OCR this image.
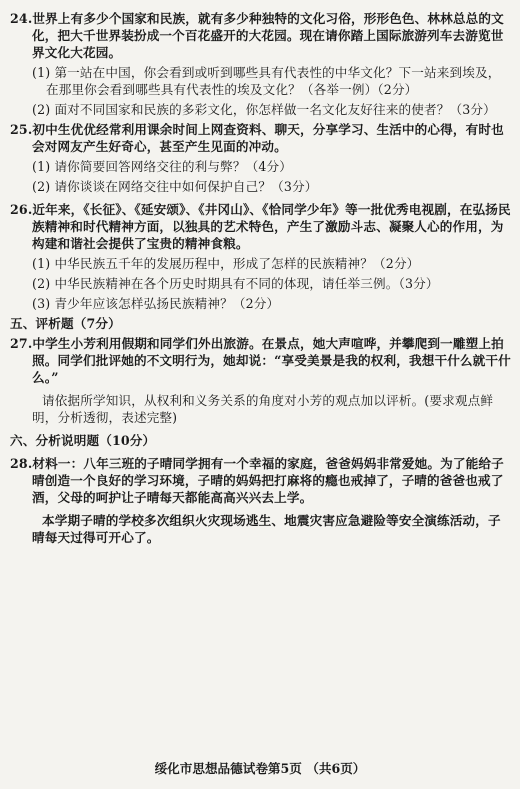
24.世界上有多少个国家和民族，就有多少种独特的文化习俗，形形色色、林林总总的文
化，把大千世界装扮成一个百花盛开的大花园。现在请你踏上国际旅游列车去游览世
界文化大花园。
(1) 第一站在中国，你会看到或听到哪些具有代表性的中华文化？下一站来到埃及，
在那里你会看到哪些具有代表性的埃及文化？（各举一例）（2分）
(2) 面对不同国家和民族的多彩文化，你怎样做一名文化友好往来的使者？（3分）
25.初中生优优经常利用课余时间上网查资料、聊天，分享学习、生活中的心得，有时也
会对网友产生好奇心，甚至产生见面的冲动。
(1) 请你简要回答网络交往的利与弊？（4分）
(2) 请你谈谈在网络交往中如何保护自己？（3分）
26.近年来，《长征》、《延安颂》、《井冈山》、《恰同学少年》等一批优秀电视剧，在弘扬民
族精神和时代精神方面，以独具的艺术特色，产生了激励斗志、凝聚人心的作用，为
构建和谐社会提供了宝贵的精神食粮。
(1) 中华民族五千年的发展历程中，形成了怎样的民族精神？（2分）
(2) 中华民族精神在各个历史时期具有不同的体现，请任举三例。（3分）
(3) 青少年应该怎样弘扬民族精神？（2分）
五、评析题（7分）
27.中学生小芳利用假期和同学们外出旅游。在景点，她大声喧哗，并攀爬到一雕塑上拍
照。同学们批评她的不文明行为，她却说：“享受美景是我的权利，我想干什么就干什
么。”
请依据所学知识，从权利和义务关系的角度对小芳的观点加以评析。(要求观点鲜
明，分析透彻，表述完整)
六、分析说明题（10分）
28.材料一：八年三班的子晴同学拥有一个幸福的家庭，爸爸妈妈非常爱她。为了能给子
晴创造一个良好的学习环境，子晴的妈妈把打麻将的瘾也戒掉了，子晴的爸爸也戒了
酒，父母的呵护让子晴每天都能高高兴兴去上学。
本学期子晴的学校多次组织火灾现场逃生、地震灾害应急避险等安全演练活动，子
晴每天过得可开心了。
绥化市思想品德试卷第5页 （共6页）
